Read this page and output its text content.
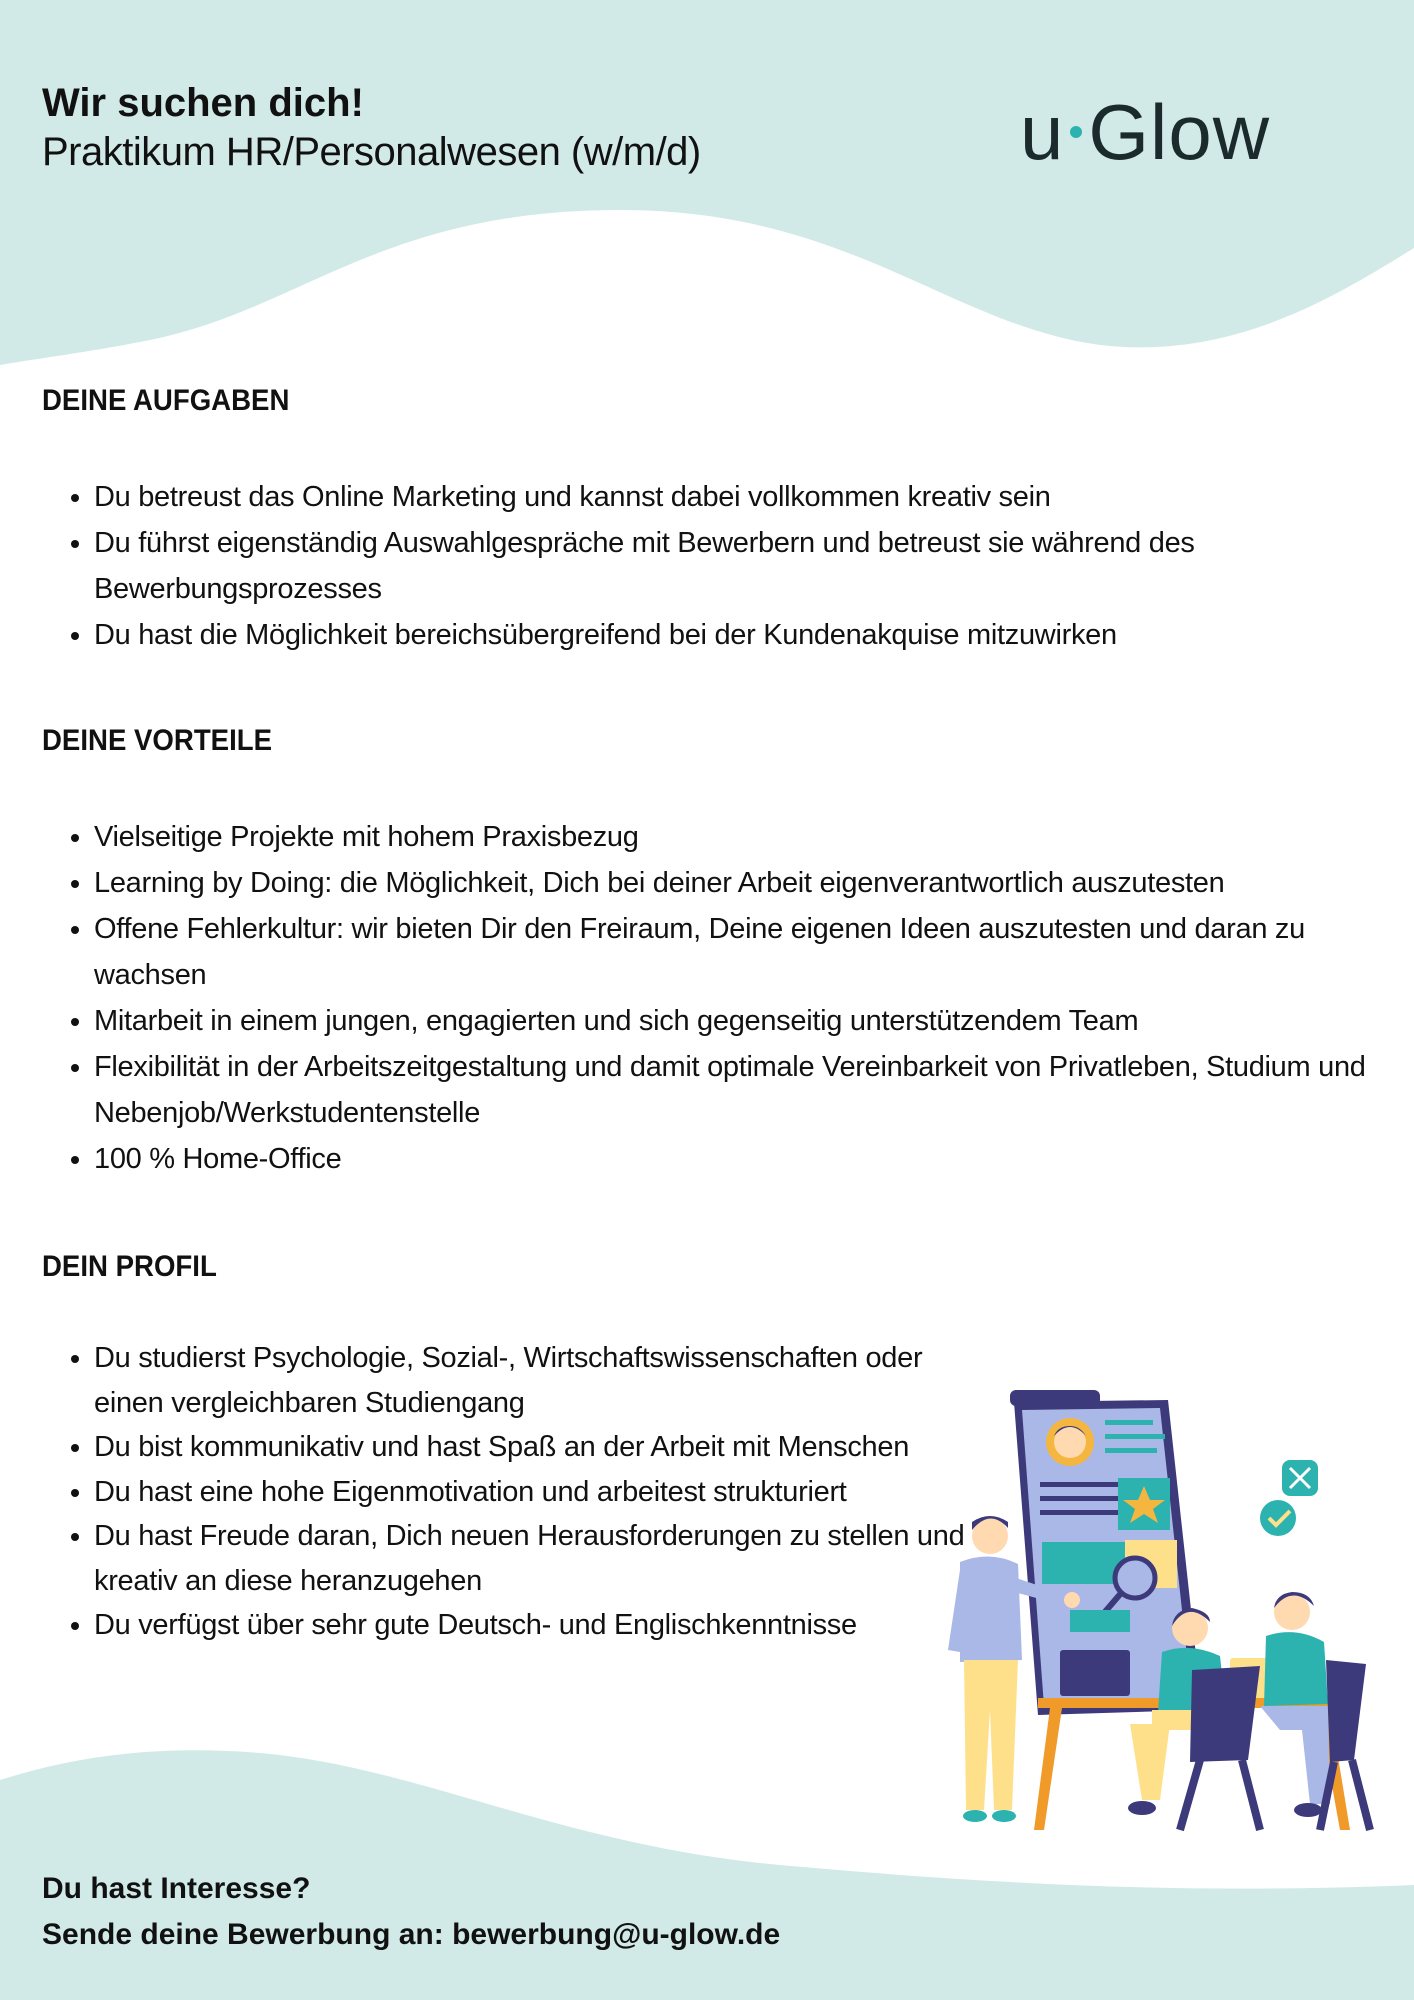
Wir suchen dich!

Praktikum HR/Personalwesen (w/m/d)	u Glow
DEINE AUFGABEN
• Du betreust das Online Marketing und kannst dabei vollkommen kreativ sein
• Du führst eigenständig Auswahlgespräche mit Bewerbern und betreust sie während des Bewerbungsprozesses
• Du hast die Möglichkeit bereichsübergreifend bei der Kundenakquise mitzuwirken
DEINE VORTEILE
• Vielseitige Projekte mit hohem Praxisbezug
• Learning by Doing: die Möglichkeit, Dich bei deiner Arbeit eigenverantwortlich auszutesten
• Offene Fehlerkultur: wir bieten Dir den Freiraum, Deine eigenen Ideen auszutesten und daran zu wachsen
• Mitarbeit in einem jungen, engagierten und sich gegenseitig unterstützendem Team
• Flexibilität in der Arbeitszeitgestaltung und damit optimale Vereinbarkeit von Privatleben, Studium und Nebenjob/Werkstudentenstelle
• 100 % Home-Office
DEIN PROFIL
• Du studierst Psychologie, Sozial-, Wirtschaftswissenschaften oder einen vergleichbaren Studiengang
• Du bist kommunikativ und hast Spaß an der Arbeit mit Menschen
• Du hast eine hohe Eigenmotivation und arbeitest strukturiert
• Du hast Freude daran, Dich neuen Herausforderungen zu stellen und kreativ an diese heranzugehen
• Du verfügst über sehr gute Deutsch- und Englischkenntnisse

Du hast Interesse?

Sende deine Bewerbung an: bewerbung@u-glow.de
